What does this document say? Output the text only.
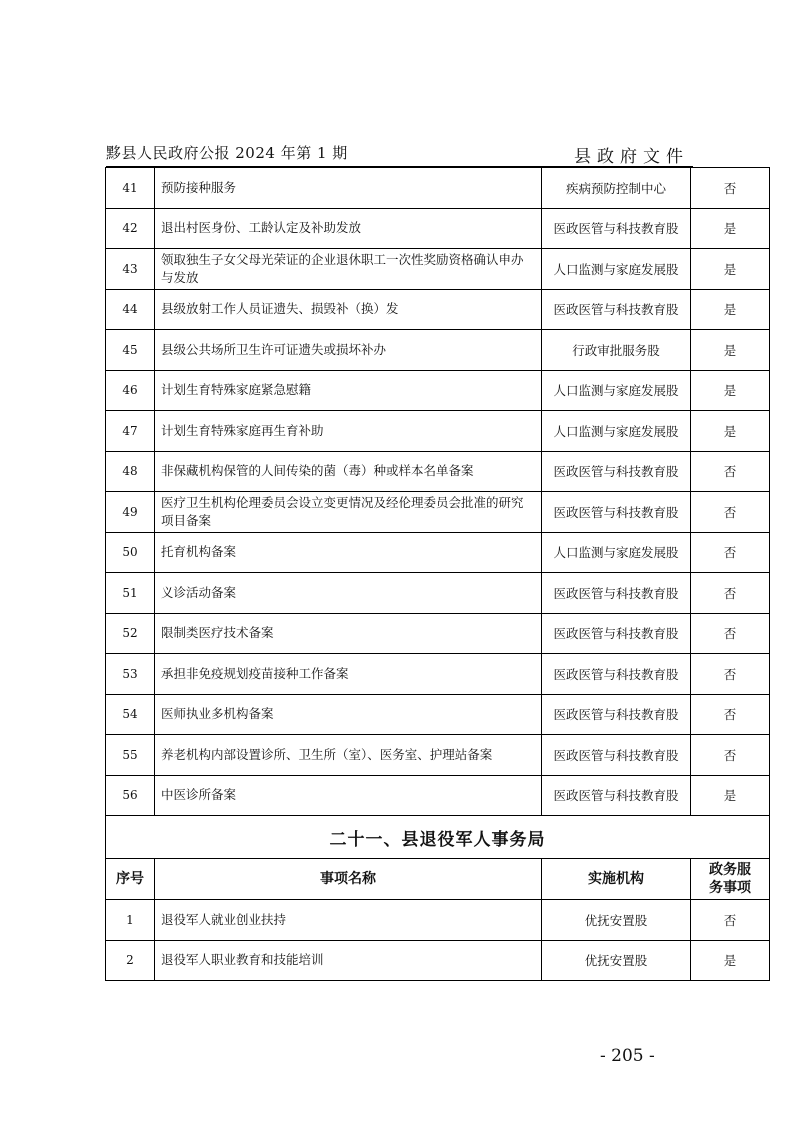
黟县人民政府公报 2024 年第 1 期	县政府文件
41	预防接种服务	疾病预防控制中心	否
42	退出村医身份、工龄认定及补助发放	医政医管与科技教育股	是
43	领取独生子女父母光荣证的企业退休职工一次性奖励资格确认申办与发放	人口监测与家庭发展股	是
44	县级放射工作人员证遗失、损毁补（换）发	医政医管与科技教育股	是
45	县级公共场所卫生许可证遗失或损坏补办	行政审批服务股	是
46	计划生育特殊家庭紧急慰籍	人口监测与家庭发展股	是
47	计划生育特殊家庭再生育补助	人口监测与家庭发展股	是
48	非保藏机构保管的人间传染的菌（毒）种或样本名单备案	医政医管与科技教育股	否
49	医疗卫生机构伦理委员会设立变更情况及经伦理委员会批准的研究项目备案	医政医管与科技教育股	否
50	托育机构备案	人口监测与家庭发展股	否
51	义诊活动备案	医政医管与科技教育股	否
52	限制类医疗技术备案	医政医管与科技教育股	否
53	承担非免疫规划疫苗接种工作备案	医政医管与科技教育股	否
54	医师执业多机构备案	医政医管与科技教育股	否
55	养老机构内部设置诊所、卫生所（室）、医务室、护理站备案	医政医管与科技教育股	否
56	中医诊所备案	医政医管与科技教育股	是
二十一、县退役军人事务局			
序号	事项名称	实施机构	政务服
务事项
1	退役军人就业创业扶持	优抚安置股	否
2	退役军人职业教育和技能培训	优抚安置股	是
- 205 -
